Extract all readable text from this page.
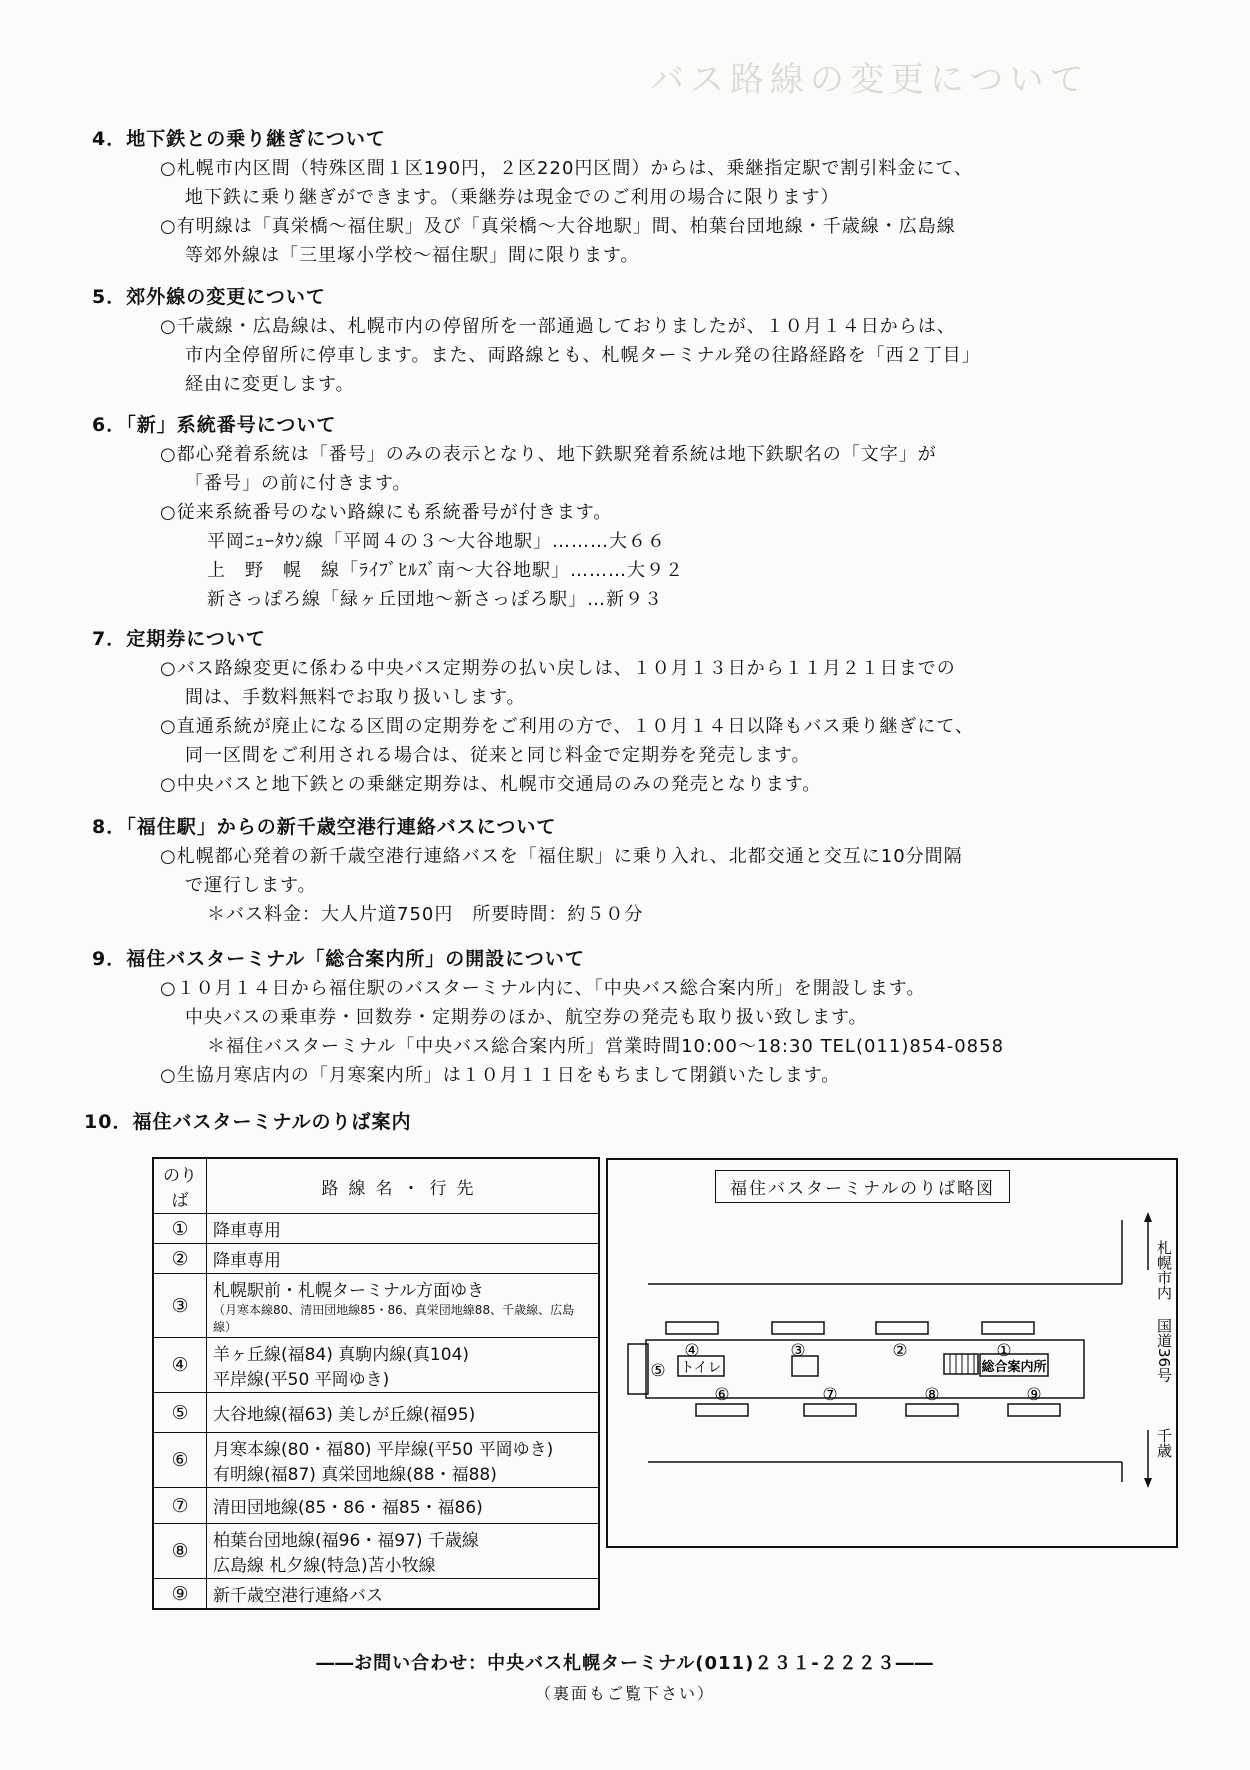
バス路線の変更について
4．地下鉄との乗り継ぎについて
○札幌市内区間（特殊区間１区190円，２区220円区間）からは、乗継指定駅で割引料金にて、
地下鉄に乗り継ぎができます。（乗継券は現金でのご利用の場合に限ります）
○有明線は「真栄橋～福住駅」及び「真栄橋～大谷地駅」間、柏葉台団地線・千歳線・広島線
等郊外線は「三里塚小学校～福住駅」間に限ります。
5．郊外線の変更について
○千歳線・広島線は、札幌市内の停留所を一部通過しておりましたが、１０月１４日からは、
市内全停留所に停車します。また、両路線とも、札幌ターミナル発の往路経路を「西２丁目」
経由に変更します。
6．「新」系統番号について
○都心発着系統は「番号」のみの表示となり、地下鉄駅発着系統は地下鉄駅名の「文字」が
「番号」の前に付きます。
○従来系統番号のない路線にも系統番号が付きます。
平岡ﾆｭｰﾀｳﾝ線「平岡４の３～大谷地駅」………大６６
上　野　幌　線「ﾗｲﾌﾞﾋﾙｽﾞ南～大谷地駅」………大９２
新さっぽろ線「緑ヶ丘団地～新さっぽろ駅」…新９３
7．定期券について
○バス路線変更に係わる中央バス定期券の払い戻しは、１０月１３日から１１月２１日までの
間は、手数料無料でお取り扱いします。
○直通系統が廃止になる区間の定期券をご利用の方で、１０月１４日以降もバス乗り継ぎにて、
同一区間をご利用される場合は、従来と同じ料金で定期券を発売します。
○中央バスと地下鉄との乗継定期券は、札幌市交通局のみの発売となります。
8．「福住駅」からの新千歳空港行連絡バスについて
○札幌都心発着の新千歳空港行連絡バスを「福住駅」に乗り入れ、北都交通と交互に10分間隔
で運行します。
＊バス料金：大人片道750円　所要時間：約５０分
9．福住バスターミナル「総合案内所」の開設について
○１０月１４日から福住駅のバスターミナル内に、「中央バス総合案内所」を開設します。
中央バスの乗車券・回数券・定期券のほか、航空券の発売も取り扱い致します。
＊福住バスターミナル「中央バス総合案内所」営業時間10:00～18:30 TEL(011)854-0858
○生協月寒店内の「月寒案内所」は１０月１１日をもちまして閉鎖いたします。
10．福住バスターミナルのりば案内
のりば	路線名・行先
①	降車専用
②	降車専用
③	札幌駅前・札幌ターミナル方面ゆき
（月寒本線80、清田団地線85・86、真栄団地線88、千歳線、広島線）

④	羊ヶ丘線(福84) 真駒内線(真104)
平岸線(平50 平岡ゆき)

⑤	大谷地線(福63) 美しが丘線(福95)
⑥	月寒本線(80・福80) 平岸線(平50 平岡ゆき)
有明線(福87) 真栄団地線(88・福88)

⑦	清田団地線(85・86・福85・福86)
⑧	柏葉台団地線(福96・福97) 千歳線
広島線 札夕線(特急)苫小牧線

⑨	新千歳空港行連絡バス
福住バスターミナルのりば略図
④	③	②	①
⑤
⑥	⑦	⑧	⑨
トイレ	総合案内所
札幌市内
国道36号
千歳
――お問い合わせ：中央バス札幌ターミナル(011)２３１-２２２３――
（裏面もご覧下さい）
